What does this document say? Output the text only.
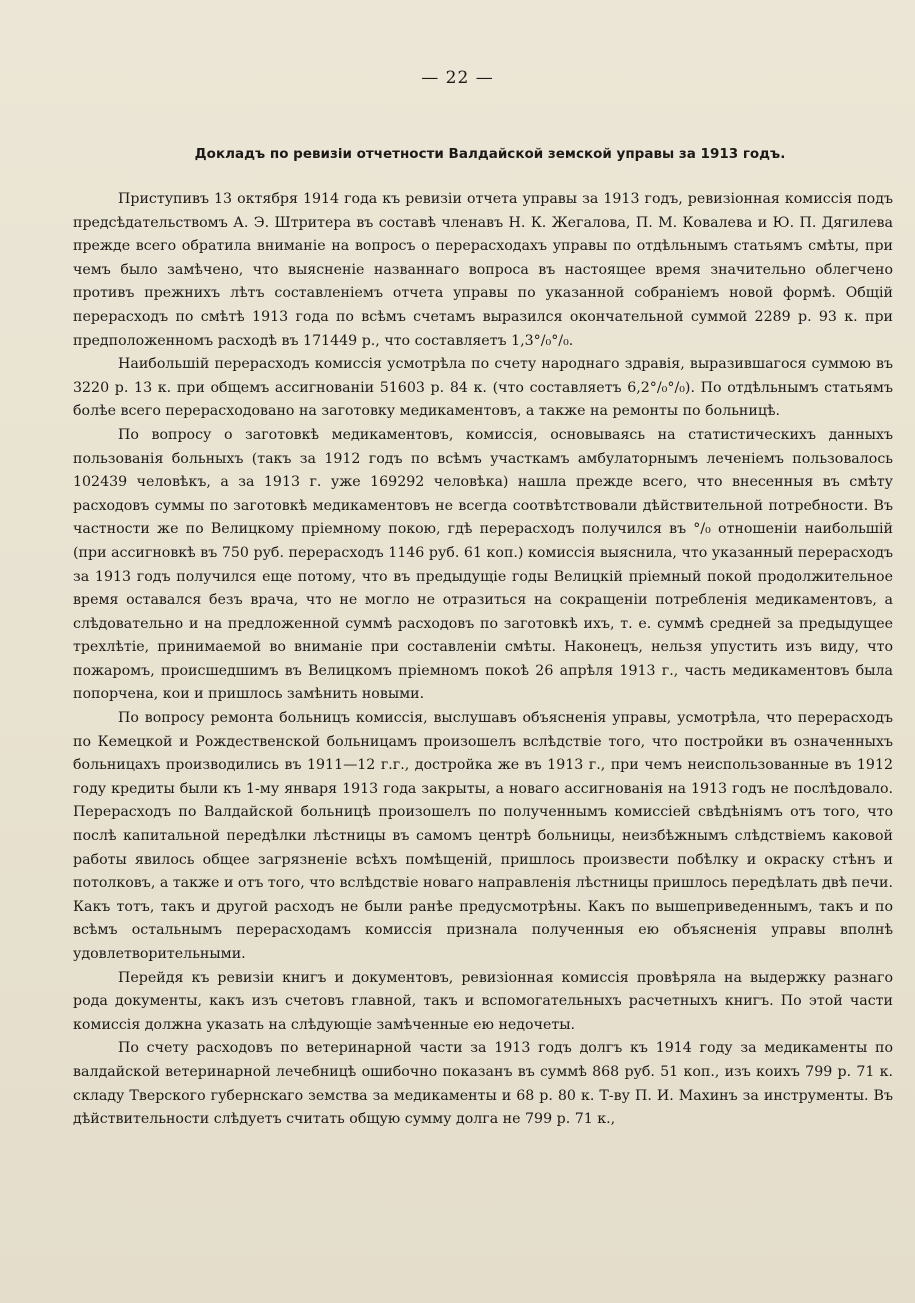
— 22 —
Докладъ по ревизіи отчетности Валдайской земской управы за 1913 годъ.

Приступивъ 13 октября 1914 года къ ревизіи отчета управы за 1913 годъ, ревизіонная комиссія подъ предсѣдательствомъ А. Э. Штритера въ составѣ членавъ Н. К. Жегалова, П. М. Ковалева и Ю. П. Дягилева прежде всего обратила вниманіе на вопросъ о перерасходахъ управы по отдѣльнымъ статьямъ смѣты, при чемъ было замѣчено, что выясненіе названнаго вопроса въ настоящее время значительно облегчено противъ прежнихъ лѣтъ составленіемъ отчета управы по указанной собраніемъ новой формѣ. Общій перерасходъ по смѣтѣ 1913 года по всѣмъ счетамъ выразился окончательной суммой 2289 р. 93 к. при предположенномъ расходѣ въ 171449 р., что составляетъ 1,3°/₀°/₀.

Наибольшій перерасходъ комиссія усмотрѣла по счету народнаго здравія, выразившагося суммою въ 3220 р. 13 к. при общемъ ассигнованіи 51603 р. 84 к. (что составляетъ 6,2°/₀°/₀). По отдѣльнымъ статьямъ болѣе всего перерасходовано на заготовку медикаментовъ, а также на ремонты по больницѣ.

По вопросу о заготовкѣ медикаментовъ, комиссія, основываясь на статистическихъ данныхъ пользованія больныхъ (такъ за 1912 годъ по всѣмъ участкамъ амбулаторнымъ леченіемъ пользовалось 102439 человѣкъ, а за 1913 г. уже 169292 человѣка) нашла прежде всего, что внесенныя въ смѣту расходовъ суммы по заготовкѣ медикаментовъ не всегда соотвѣтствовали дѣйствительной потребности. Въ частности же по Велицкому пріемному покою, гдѣ перерасходъ получился въ °/₀ отношеніи наибольшій (при ассигновкѣ въ 750 руб. перерасходъ 1146 руб. 61 коп.) комиссія выяснила, что указанный перерасходъ за 1913 годъ получился еще потому, что въ предыдущіе годы Велицкій пріемный покой продолжительное время оставался безъ врача, что не могло не отразиться на сокращеніи потребленія медикаментовъ, а слѣдовательно и на предложенной суммѣ расходовъ по заготовкѣ ихъ, т. е. суммѣ средней за предыдущее трехлѣтіе, принимаемой во вниманіе при составленіи смѣты. Наконецъ, нельзя упустить изъ виду, что пожаромъ, происшедшимъ въ Велицкомъ пріемномъ покоѣ 26 апрѣля 1913 г., часть медикаментовъ была попорчена, кои и пришлось замѣнить новыми.

По вопросу ремонта больницъ комиссія, выслушавъ объясненія управы, усмотрѣла, что перерасходъ по Кемецкой и Рождественской больницамъ произошелъ вслѣдствіе того, что постройки въ означенныхъ больницахъ производились въ 1911—12 г.г., достройка же въ 1913 г., при чемъ неиспользованные въ 1912 году кредиты были къ 1-му января 1913 года закрыты, а новаго ассигнованія на 1913 годъ не послѣдовало. Перерасходъ по Валдайской больницѣ произошелъ по полученнымъ комиссіей свѣдѣніямъ отъ того, что послѣ капитальной передѣлки лѣстницы въ самомъ центрѣ больницы, неизбѣжнымъ слѣдствіемъ каковой работы явилось общее загрязненіе всѣхъ помѣщеній, пришлось произвести побѣлку и окраску стѣнъ и потолковъ, а также и отъ того, что вслѣдствіе новаго направленія лѣстницы пришлось передѣлать двѣ печи. Какъ тотъ, такъ и другой расходъ не были ранѣе предусмотрѣны. Какъ по вышеприведеннымъ, такъ и по всѣмъ остальнымъ перерасходамъ комиссія признала полученныя ею объясненія управы вполнѣ удовлетворительными.

Перейдя къ ревизіи книгъ и документовъ, ревизіонная комиссія провѣряла на выдержку разнаго рода документы, какъ изъ счетовъ главной, такъ и вспомогательныхъ расчетныхъ книгъ. По этой части комиссія должна указать на слѣдующіе замѣченные ею недочеты.

По счету расходовъ по ветеринарной части за 1913 годъ долгъ къ 1914 году за медикаменты по валдайской ветеринарной лечебницѣ ошибочно показанъ въ суммѣ 868 руб. 51 коп., изъ коихъ 799 р. 71 к. складу Тверского губернскаго земства за медикаменты и 68 р. 80 к. Т-ву П. И. Махинъ за инструменты. Въ дѣйствительности слѣдуетъ считать общую сумму долга не 799 р. 71 к.,
